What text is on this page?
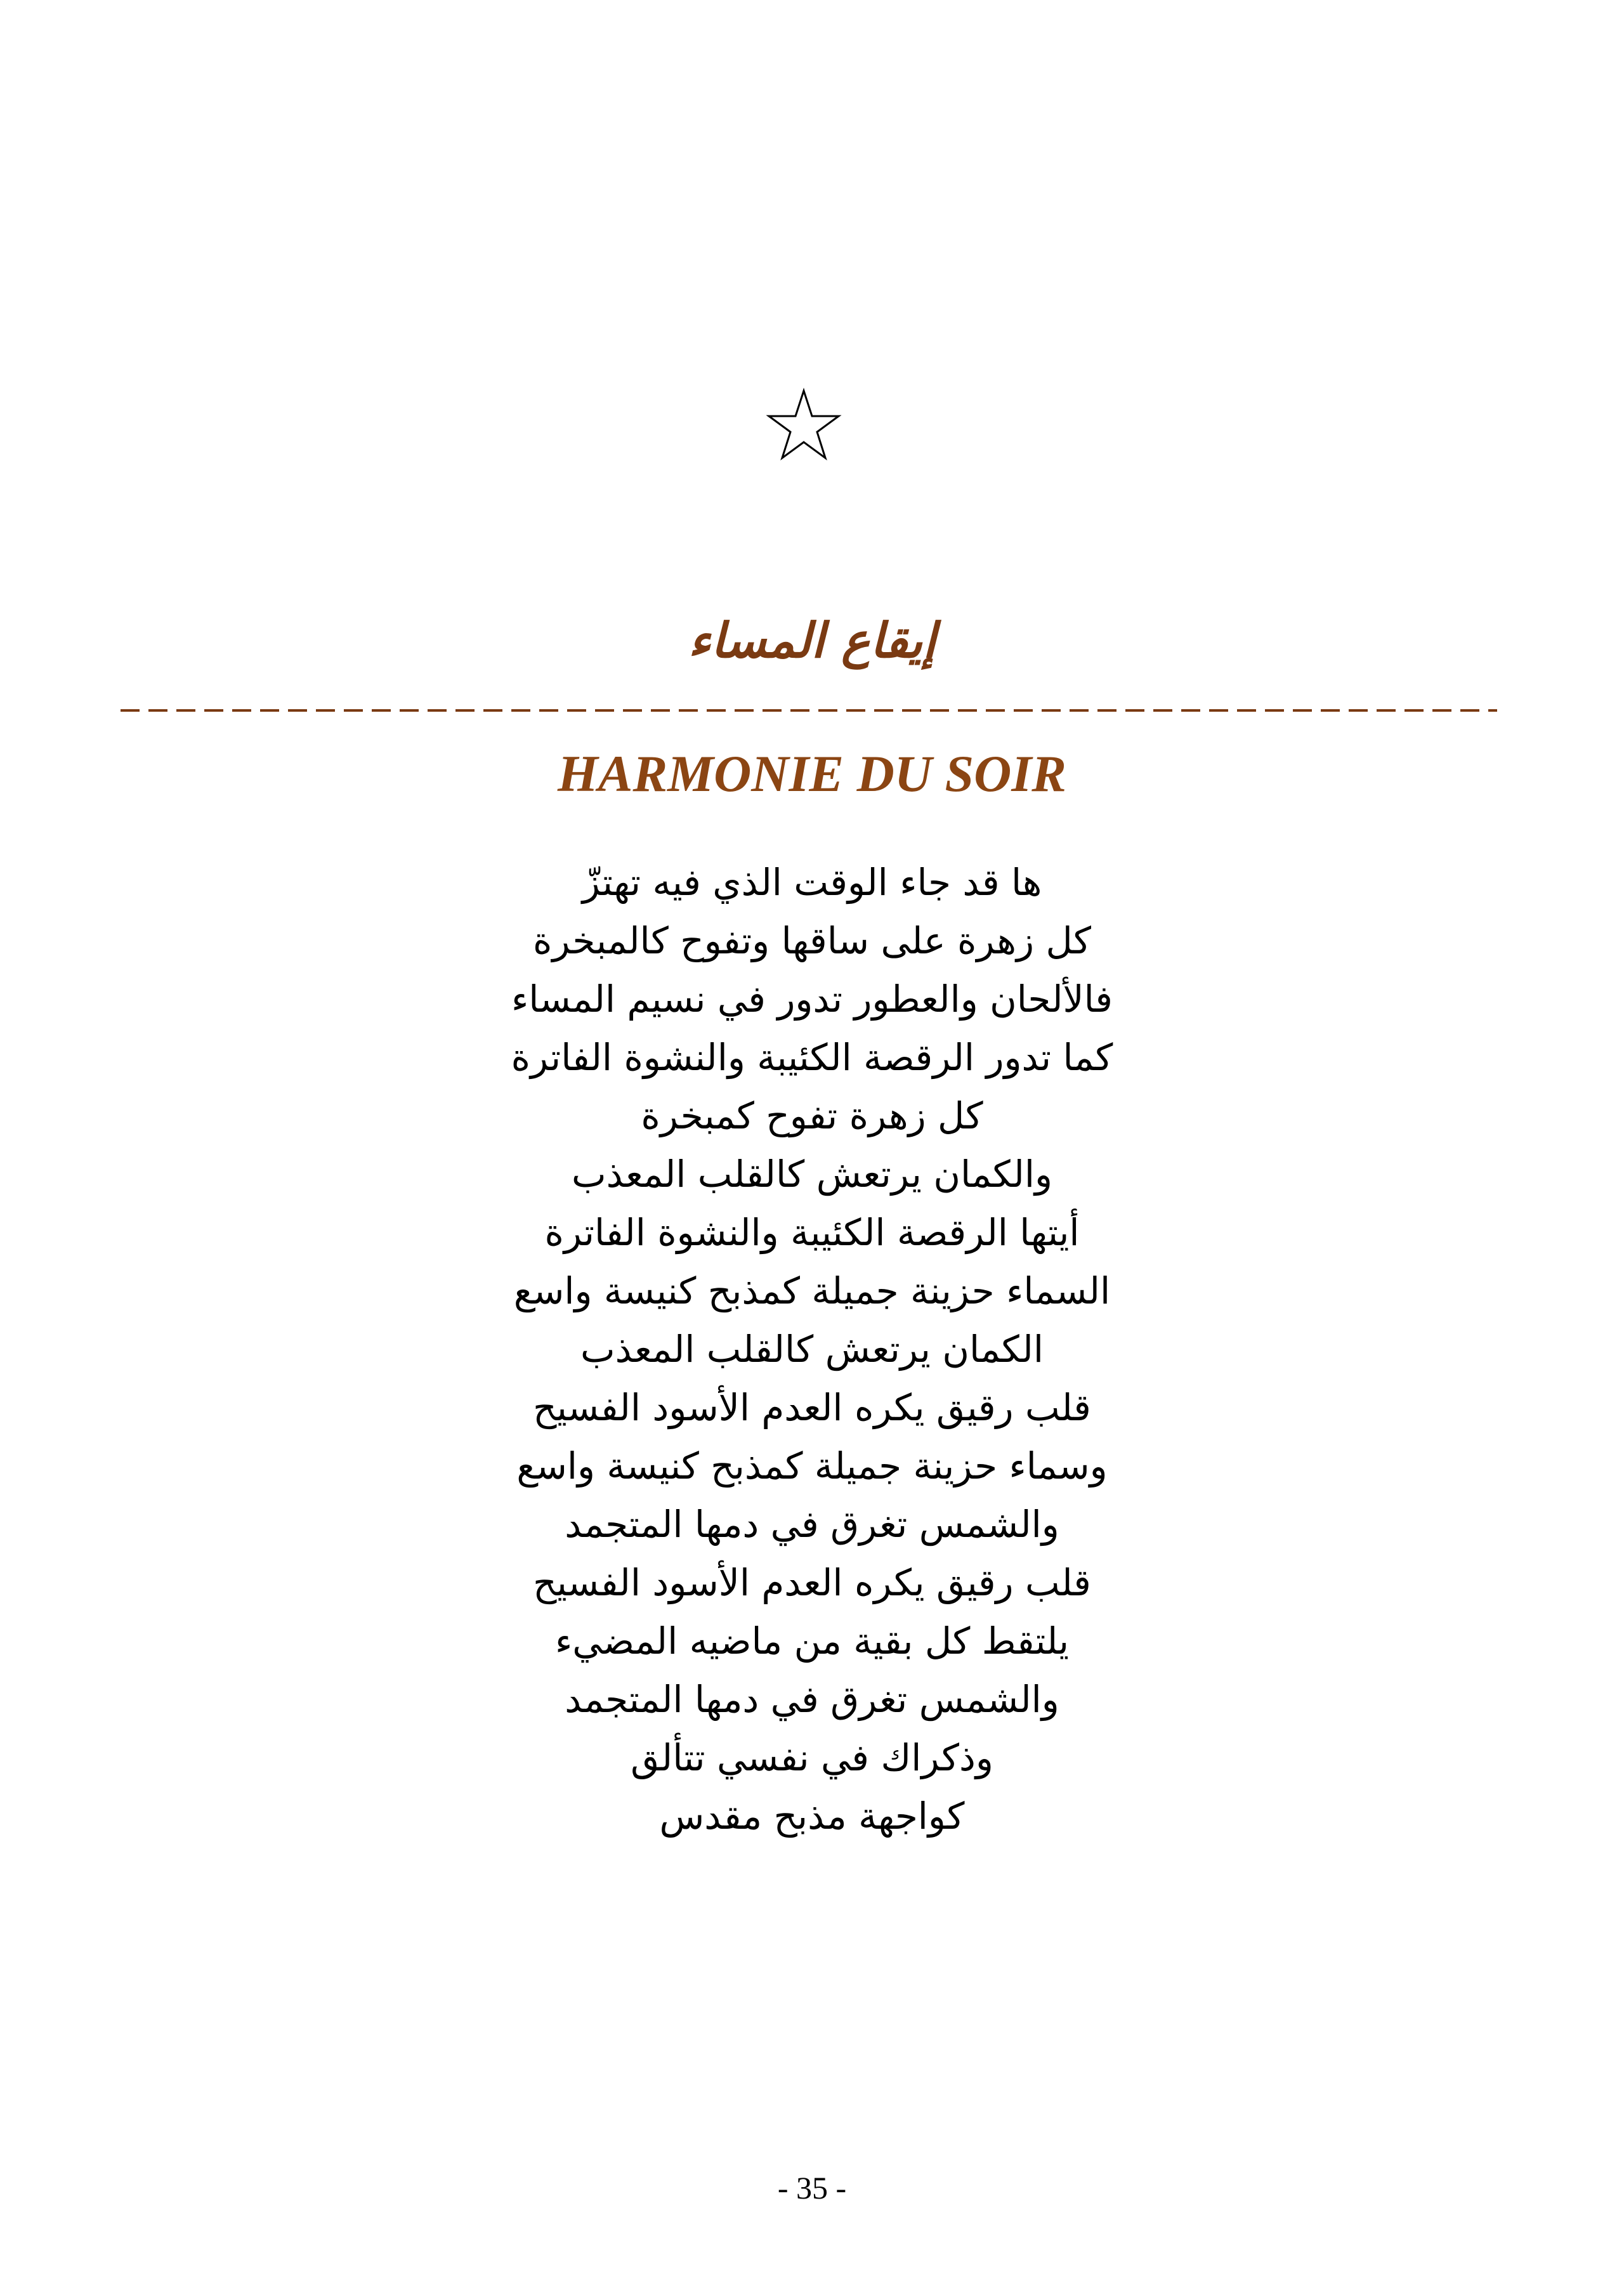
إيقاع المساء
HARMONIE DU SOIR
ها قد جاء الوقت الذي فيه تهتزّ
كل زهرة على ساقها وتفوح كالمبخرة
فالألحان والعطور تدور في نسيم المساء
كما تدور الرقصة الكئيبة والنشوة الفاترة
كل زهرة تفوح كمبخرة
والكمان يرتعش كالقلب المعذب
أيتها الرقصة الكئيبة والنشوة الفاترة
السماء حزينة جميلة كمذبح كنيسة واسع
الكمان يرتعش كالقلب المعذب
قلب رقيق يكره العدم الأسود الفسيح
وسماء حزينة جميلة كمذبح كنيسة واسع
والشمس تغرق في دمها المتجمد
قلب رقيق يكره العدم الأسود الفسيح
يلتقط كل بقية من ماضيه المضيء
والشمس تغرق في دمها المتجمد
وذكراك في نفسي تتألق
كواجهة مذبح مقدس
- 35 -
